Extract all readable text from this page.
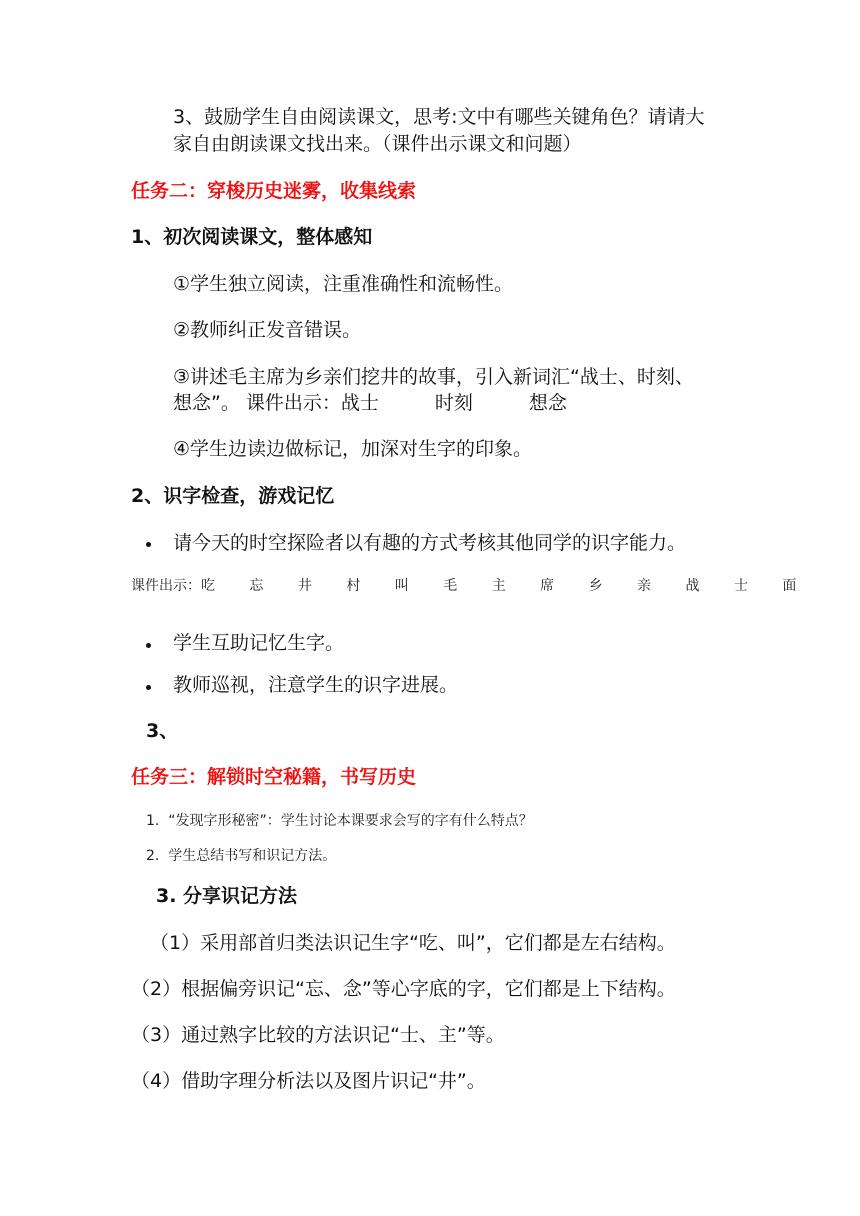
3、鼓励学生自由阅读课文，思考:文中有哪些关键角色？请请大
家自由朗读课文找出来。（课件出示课文和问题）
任务二：穿梭历史迷雾，收集线索
1、初次阅读课文，整体感知
①学生独立阅读，注重准确性和流畅性。
②教师纠正发音错误。
③讲述毛主席为乡亲们挖井的故事，引入新词汇“战士、时刻、
想念”。 课件出示：战士	时刻	想念
④学生边读边做标记，加深对生字的印象。
2、识字检查，游戏记忆
请今天的时空探险者以有趣的方式考核其他同学的识字能力。
课件出示：吃 忘 井 村 叫 毛 主 席 乡 亲 战 士 面
学生互助记忆生字。
教师巡视，注意学生的识字进展。
3、
任务三：解锁时空秘籍，书写历史
1. “发现字形秘密”：学生讨论本课要求会写的字有什么特点？
2. 学生总结书写和识记方法。
3. 分享识记方法
（1）采用部首归类法识记生字“吃、叫”，它们都是左右结构。
（2）根据偏旁识记“忘、念”等心字底的字，它们都是上下结构。
（3）通过熟字比较的方法识记“士、主”等。
（4）借助字理分析法以及图片识记“井”。
